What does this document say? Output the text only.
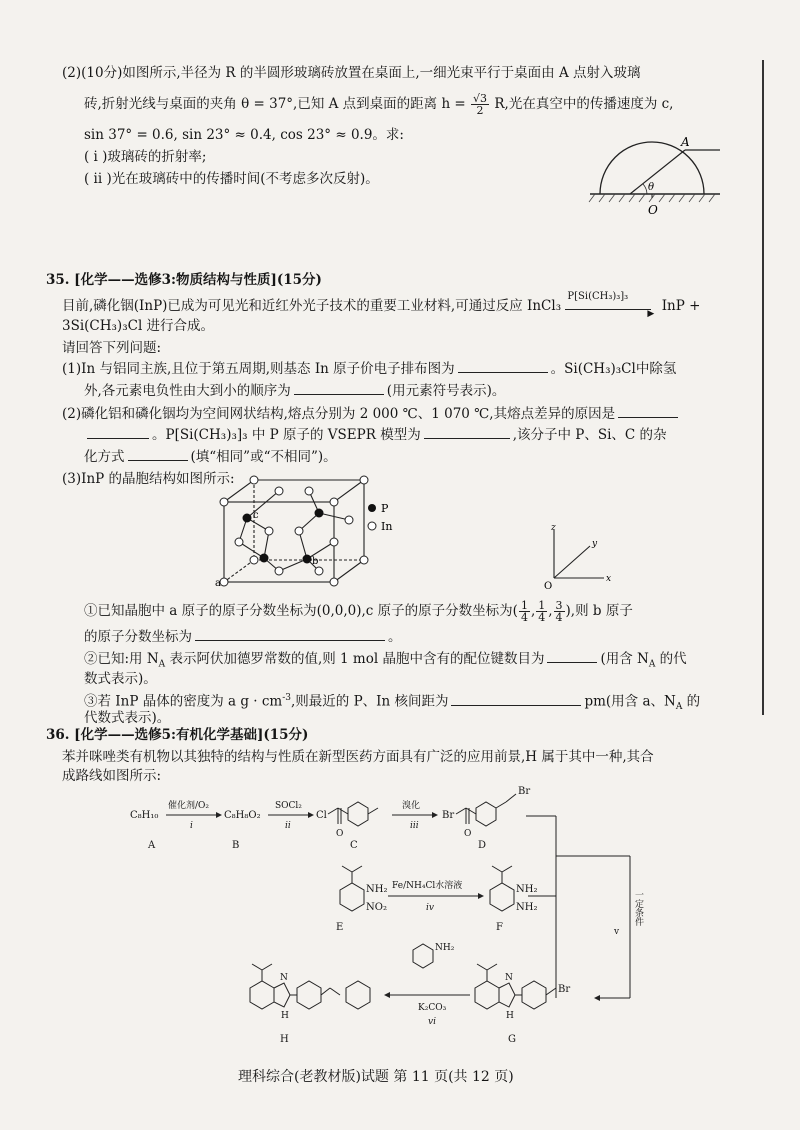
(2)(10分)如图所示,半径为 R 的半圆形玻璃砖放置在桌面上,一细光束平行于桌面由 A 点射入玻璃
砖,折射光线与桌面的夹角 θ = 37°,已知 A 点到桌面的距离 $h = \frac{√3}{2} R$,光在真空中的传播速度为 c,
sin 37° = 0.6, sin 23° ≈ 0.4, cos 23° ≈ 0.9。求:
( i )玻璃砖的折射率;
( ii )光在玻璃砖中的传播时间(不考虑多次反射)。
A
θ
O
35. [化学——选修3:物质结构与性质](15分)
目前,磷化铟(InP)已成为可见光和近红外光子技术的重要工业材料,可通过反应 InCl₃
P[Si(CH₃)₃]₃
▶ InP +
3Si(CH₃)₃Cl 进行合成。
请回答下列问题:
(1)In 与铝同主族,且位于第五周期,则基态 In 原子价电子排布图为	。Si(CH₃)₃Cl中除氢
外,各元素电负性由大到小的顺序为	(用元素符号表示)。
(2)磷化铝和磷化铟均为空间网状结构,熔点分别为 2 000 ℃、1 070 ℃,其熔点差异的原因是
。P[Si(CH₃)₃]₃ 中 P 原子的 VSEPR 模型为	,该分子中 P、Si、C 的杂
化方式	(填“相同”或“不相同”)。
(3)InP 的晶胞结构如图所示:
a
b
c
P
In	z
y
x
O
①已知晶胞中 a 原子的原子分数坐标为(0,0,0),c 原子的原子分数坐标为( $\frac{1}{4}$ , $\frac{1}{4}$ , $\frac{3}{4}$ ),则 b 原子
的原子分数坐标为	。
②已知:用 $N_A$ 表示阿伏加德罗常数的值,则 1 mol 晶胞中含有的配位键数目为	(用含 $N_A$ 的代
数式表示)。
③若 InP 晶体的密度为 a $g \cdot cm^{-3}$,则最近的 P、In 核间距为	pm(用含 a、$N_A$ 的
代数式表示)。
36. [化学——选修5:有机化学基础](15分)
苯并咪唑类有机物以其独特的结构与性质在新型医药方面具有广泛的应用前景,H 属于其中一种,其合
成路线如图所示:
C₈H₁₀
催化剂/O₂
i
C₈H₈O₂
SOCl₂
ii
Cl
O
溴化
iii
Br
Br
O
A	B	C	D
NH₂
NO₂
NH₂
NH₂
Fe/NH₄Cl水溶液
iv
E	F
一定条件
v
Br
N
H
N
H
NH₂
K₂CO₃
vi
G
H
理科综合(老教材版)试题 第 11 页(共 12 页)
